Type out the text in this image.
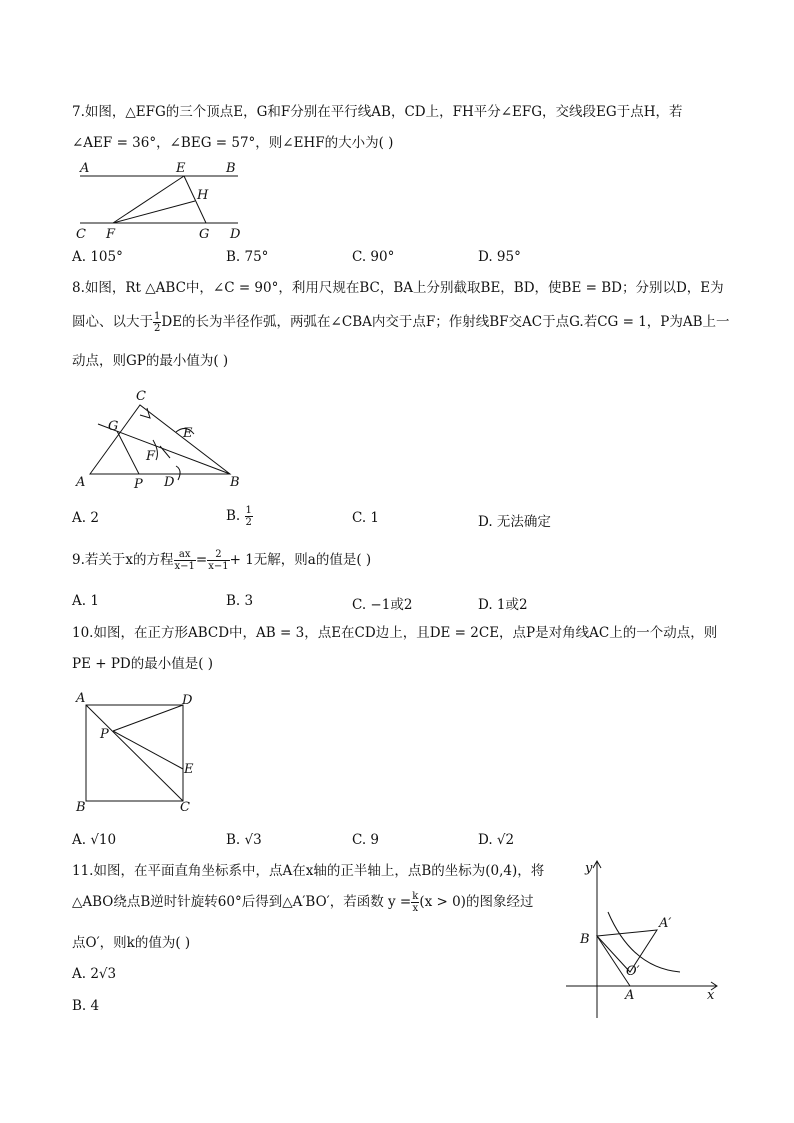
7.如图，△EFG的三个顶点E，G和F分别在平行线AB，CD上，FH平分∠EFG，交线段EG于点H，若
∠AEF = 36°，∠BEG = 57°，则∠EHF的大小为( )
A	E	B
H
C F	G D
A. 105°	B. 75°	C. 90°	D. 95°
8.如图，Rt △ABC中，∠C = 90°，利用尺规在BC，BA上分别截取BE，BD，使BE = BD；分别以D，E为
圆心、以大于 $\frac{1}{2}$ DE的长为半径作弧，两弧在∠CBA内交于点F；作射线BF交AC于点G.若CG = 1，P为AB上一
动点，则GP的最小值为( )
C
G	E
F
A	P D	B
A. 2	B. $\frac{1}{2}$	C. 1	D. 无法确定
9.若关于x的方程 $\frac{ax}{x-1} = \frac{2}{x-1} + 1$无解，则a的值是( )
A. 1	B. 3	C. −1或2	D. 1或2
10.如图，在正方形ABCD中，AB = 3，点E在CD边上，且DE = 2CE，点P是对角线AC上的一个动点，则
PE + PD的最小值是( )
A	D
P
E
B	C
A. √10	B. √3	C. 9	D. √2
11.如图，在平面直角坐标系中，点A在x轴的正半轴上，点B的坐标为(0,4)，将
△ABO绕点B逆时针旋转60°后得到△A′BO′，若函数 $y = \frac{k}{x} (x > 0)$的图象经过
点O′，则k的值为( )
A. 2√3
B. 4
y
x
B
A′
O′
A
